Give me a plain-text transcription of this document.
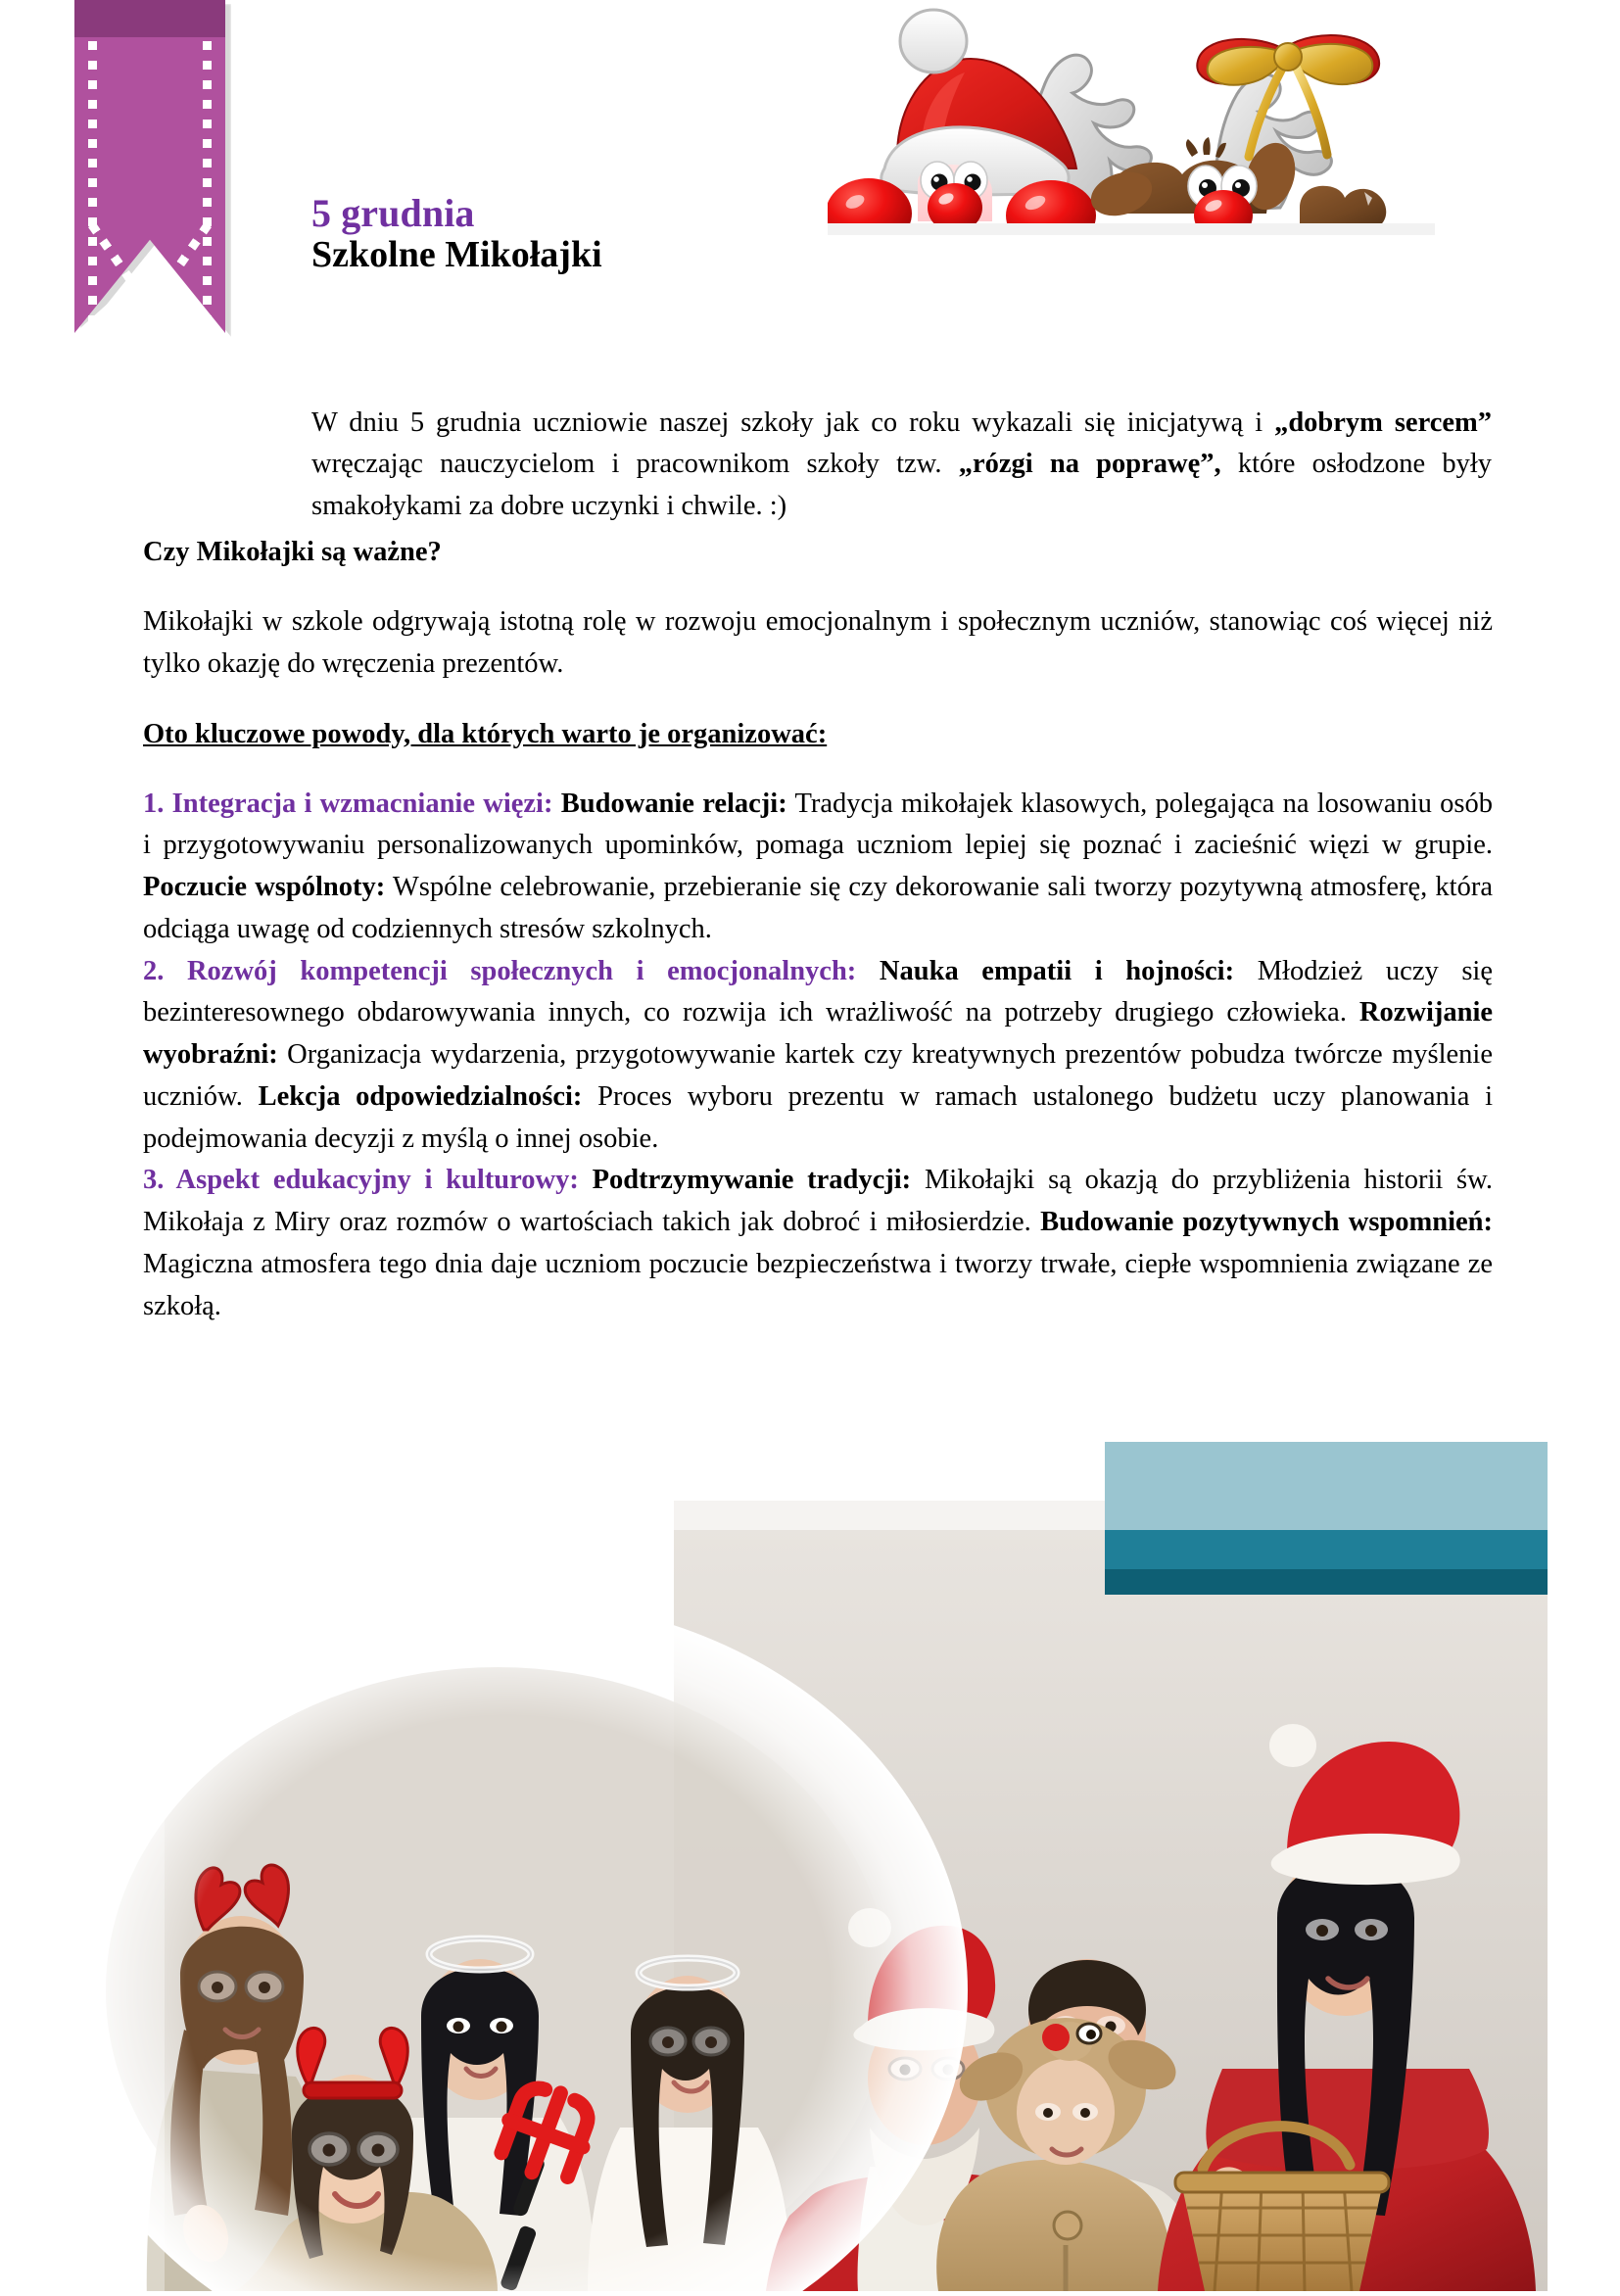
5 grudnia
Szkolne Mikołajki

W dniu 5 grudnia uczniowie naszej szkoły jak co roku wykazali się inicjatywą i „dobrym sercem” wręczając nauczycielom i pracownikom szkoły tzw. „rózgi na poprawę”, które osłodzone były smakołykami za dobre uczynki i chwile. :)

Czy Mikołajki są ważne?

Mikołajki w szkole odgrywają istotną rolę w rozwoju emocjonalnym i społecznym uczniów, stanowiąc coś więcej niż tylko okazję do wręczenia prezentów.

Oto kluczowe powody, dla których warto je organizować:

1. Integracja i wzmacnianie więzi: Budowanie relacji: Tradycja mikołajek klasowych, polegająca na losowaniu osób i przygotowywaniu personalizowanych upominków, pomaga uczniom lepiej się poznać i zacieśnić więzi w grupie. Poczucie wspólnoty: Wspólne celebrowanie, przebieranie się czy dekorowanie sali tworzy pozytywną atmosferę, która odciąga uwagę od codziennych stresów szkolnych.

2. Rozwój kompetencji społecznych i emocjonalnych: Nauka empatii i hojności: Młodzież uczy się bezinteresownego obdarowywania innych, co rozwija ich wrażliwość na potrzeby drugiego człowieka. Rozwijanie wyobraźni: Organizacja wydarzenia, przygotowywanie kartek czy kreatywnych prezentów pobudza twórcze myślenie uczniów. Lekcja odpowiedzialności: Proces wyboru prezentu w ramach ustalonego budżetu uczy planowania i podejmowania decyzji z myślą o innej osobie.

3. Aspekt edukacyjny i kulturowy: Podtrzymywanie tradycji: Mikołajki są okazją do przybliżenia historii św. Mikołaja z Miry oraz rozmów o wartościach takich jak dobroć i miłosierdzie. Budowanie pozytywnych wspomnień: Magiczna atmosfera tego dnia daje uczniom poczucie bezpieczeństwa i tworzy trwałe, ciepłe wspomnienia związane ze szkołą.
